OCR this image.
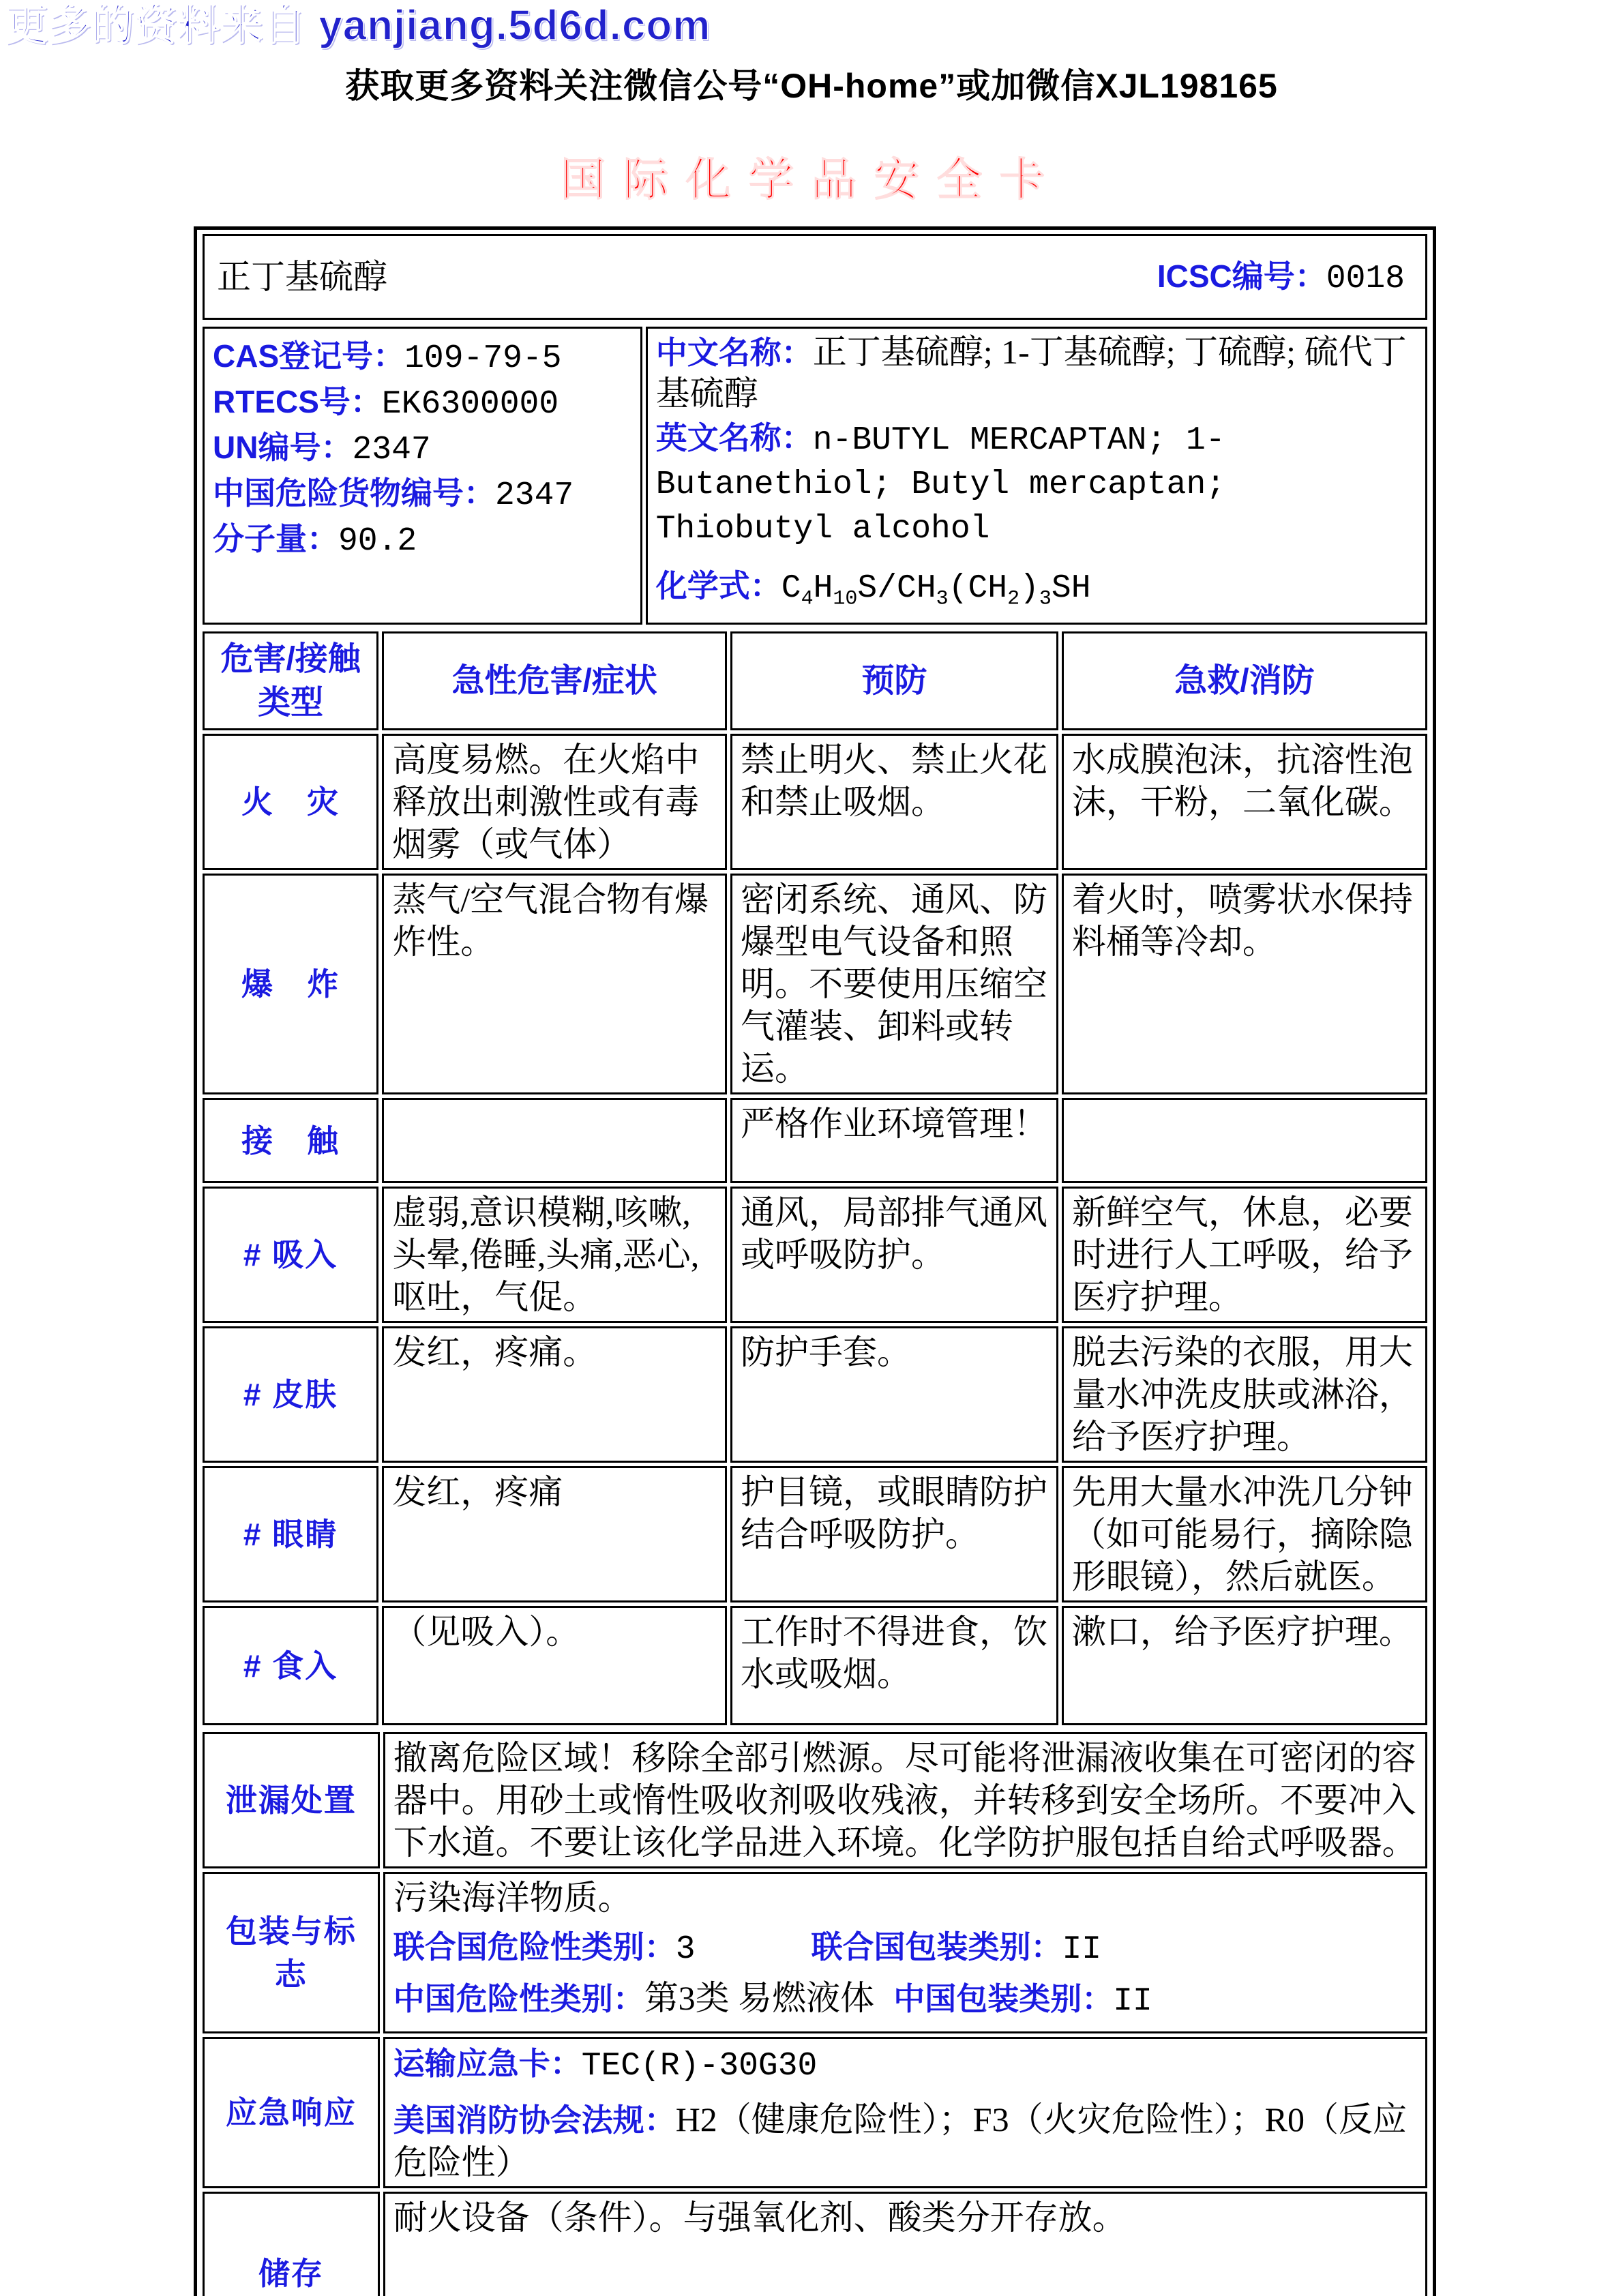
更多的资料来自 yanjiang.5d6d.com
获取更多资料关注微信公号“OH-home”或加微信XJL198165
国际化学品安全卡
正丁基硫醇	ICSC编号：0018
CAS登记号：109-79-5
RTECS号：EK6300000
UN编号：2347
中国危险货物编号：2347
分子量：90.2

中文名称：正丁基硫醇; 1-丁基硫醇; 丁硫醇; 硫代丁基硫醇

英文名称：n-BUTYL MERCAPTAN; 1-Butanethiol; Butyl mercaptan; Thiobutyl alcohol

化学式：$C_4H_{10}S/CH_3(CH_2)_3SH$

危害/接触类型	急性危害/症状	预防	急救/消防
火　灾	高度易燃。在火焰中释放出刺激性或有毒烟雾（或气体）	禁止明火、禁止火花和禁止吸烟。	水成膜泡沫，抗溶性泡沫，干粉，二氧化碳。
爆　炸	蒸气/空气混合物有爆炸性。	密闭系统、通风、防爆型电气设备和照明。不要使用压缩空气灌装、卸料或转运。	着火时，喷雾状水保持料桶等冷却。
接　触		严格作业环境管理！	
# 吸入	虚弱,意识模糊,咳嗽,头晕,倦睡,头痛,恶心,呕吐，气促。	通风，局部排气通风或呼吸防护。	新鲜空气，休息，必要时进行人工呼吸，给予医疗护理。
# 皮肤	发红，疼痛。	防护手套。	脱去污染的衣服，用大量水冲洗皮肤或淋浴，给予医疗护理。
# 眼睛	发红，疼痛	护目镜，或眼睛防护结合呼吸防护。	先用大量水冲洗几分钟（如可能易行，摘除隐形眼镜），然后就医。
# 食入	（见吸入）。	工作时不得进食，饮水或吸烟。	漱口，给予医疗护理。
泄漏处置	撤离危险区域！移除全部引燃源。尽可能将泄漏液收集在可密闭的容器中。用砂土或惰性吸收剂吸收残液，并转移到安全场所。不要冲入下水道。不要让该化学品进入环境。化学防护服包括自给式呼吸器。
包装与标志	污染海洋物质。
联合国危险性类别：3 联合国包装类别：II
中国危险性类别：第3类 易燃液体 中国包装类别：II

应急响应	运输应急卡：TEC(R)-30G30
美国消防协会法规：H2（健康危险性）；F3（火灾危险性）；R0（反应危险性）

储存	耐火设备（条件）。与强氧化剂、酸类分开存放。
